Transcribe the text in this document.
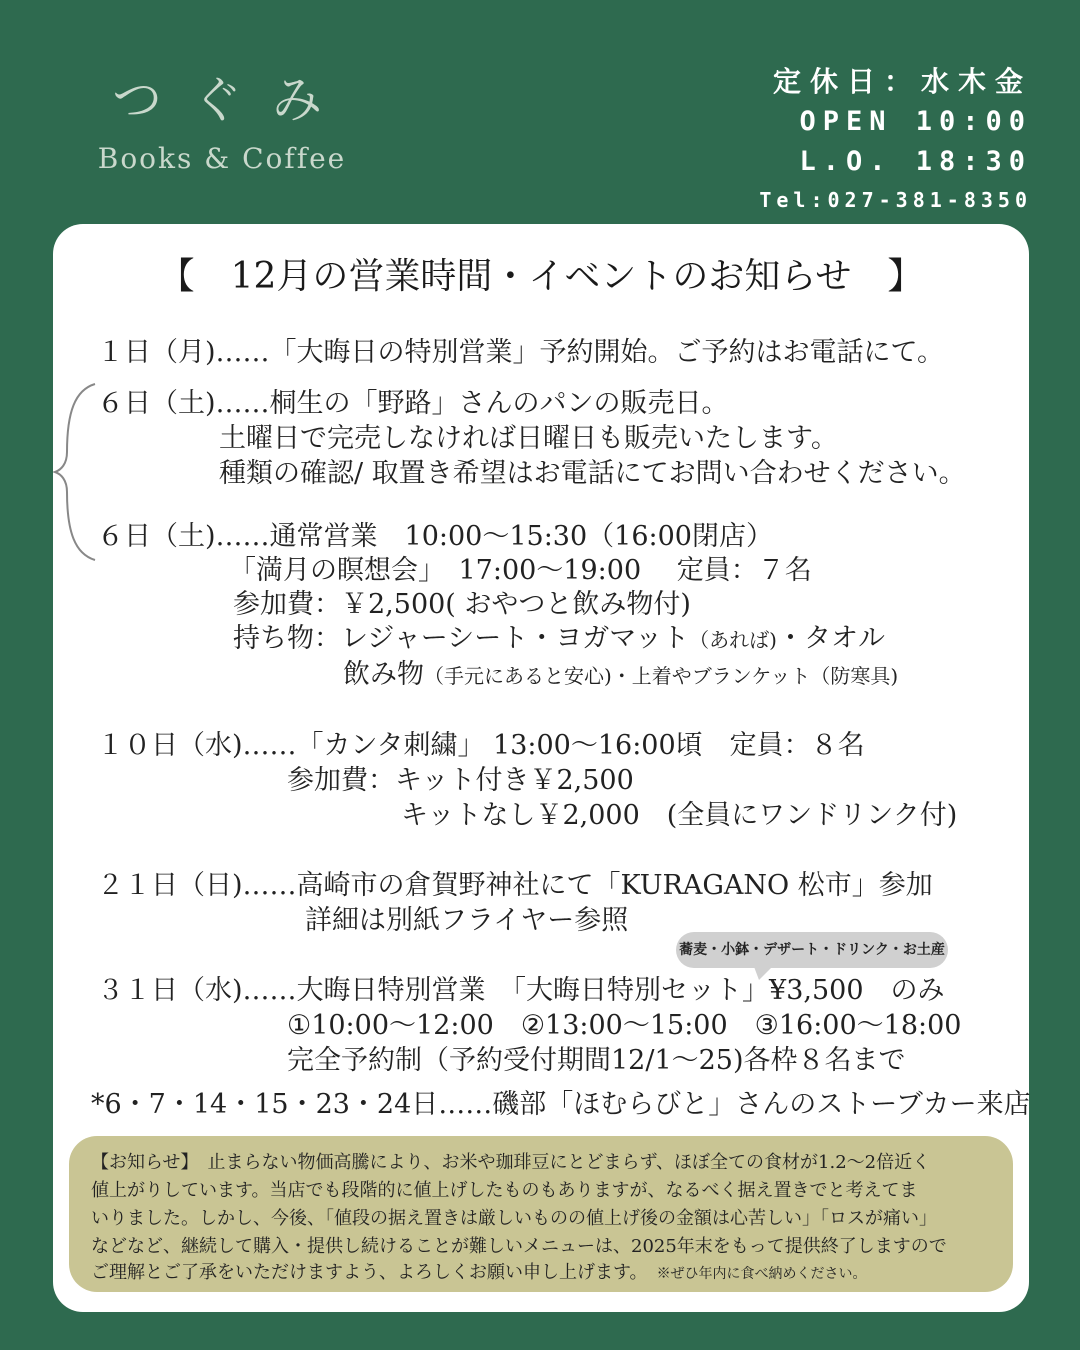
つぐみ
Books & Coffee
定休日：水木金
OPEN 10:00
L.O. 18:30
Tel:027-381-8350
【　12月の営業時間・イベントのお知らせ　】
１日（月)……「大晦日の特別営業」予約開始。ご予約はお電話にて。
６日（土)……桐生の「野路」さんのパンの販売日。
土曜日で完売しなければ日曜日も販売いたします。
種類の確認/ 取置き希望はお電話にてお問い合わせください。
６日（土)……通常営業　10:00～15:30（16:00閉店）
「満月の瞑想会」　17:00～19:00　 定員：７名
参加費：￥2,500( おやつと飲み物付)
持ち物：レジャーシート・ヨガマット（あれば)・タオル
飲み物（手元にあると安心)・上着やブランケット（防寒具)
１０日（水)……「カンタ刺繍」 13:00～16:00頃　定員：８名
参加費：キット付き￥2,500
キットなし￥2,000　(全員にワンドリンク付)
２１日（日)……高崎市の倉賀野神社にて「KURAGANO 松市」参加
詳細は別紙フライヤー参照
蕎麦・小鉢・デザート・ドリンク・お土産
３１日（水)……大晦日特別営業　「大晦日特別セット」¥3,500　のみ
①10:00～12:00　②13:00～15:00　③16:00～18:00
完全予約制（予約受付期間12/1～25)各枠８名まで
*6・7・14・15・23・24日……磯部「ほむらびと」さんのストーブカー来店
【お知らせ】　止まらない物価高騰により、お米や珈琲豆にとどまらず、ほぼ全ての食材が1.2～2倍近く
値上がりしています。当店でも段階的に値上げしたものもありますが、なるべく据え置きでと考えてま
いりました。しかし、今後、「値段の据え置きは厳しいものの値上げ後の金額は心苦しい」「ロスが痛い」
などなど、継続して購入・提供し続けることが難しいメニューは、2025年末をもって提供終了しますので
ご理解とご了承をいただけますよう、よろしくお願い申し上げます。　 ※ぜひ年内に食べ納めください。
